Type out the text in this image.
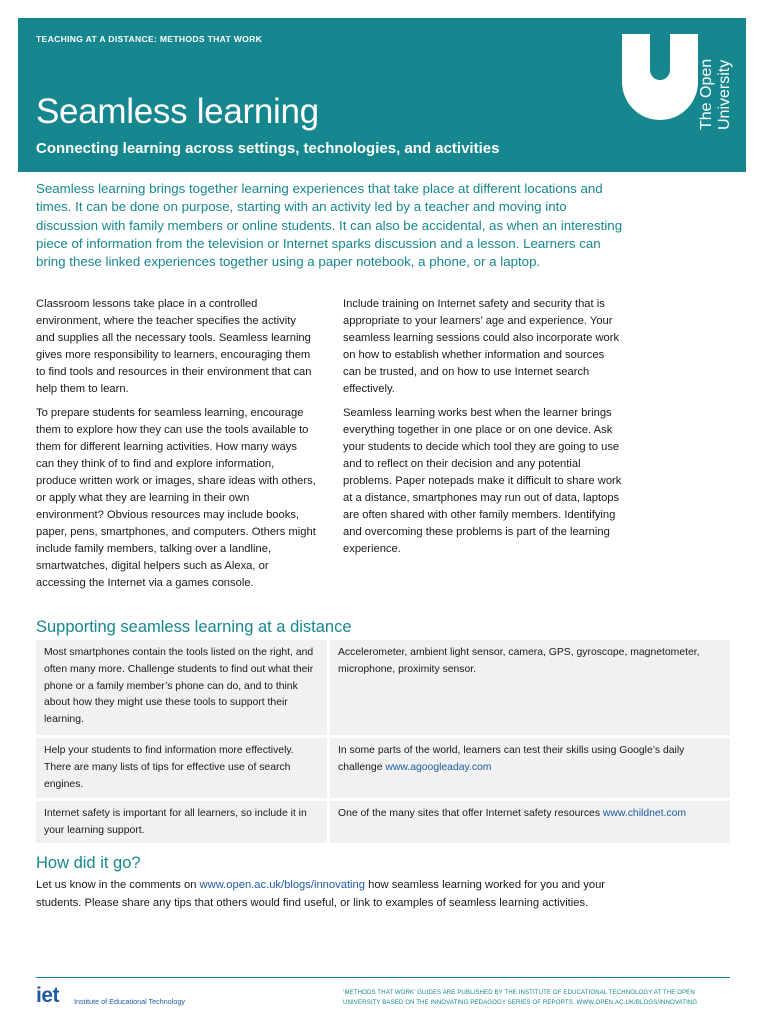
TEACHING AT A DISTANCE: METHODS THAT WORK
Seamless learning
Connecting learning across settings, technologies, and activities
The Open University

Seamless learning brings together learning experiences that take place at different locations and times. It can be done on purpose, starting with an activity led by a teacher and moving into discussion with family members or online students. It can also be accidental, as when an interesting piece of information from the television or Internet sparks discussion and a lesson. Learners can bring these linked experiences together using a paper notebook, a phone, or a laptop.

Classroom lessons take place in a controlled environment, where the teacher specifies the activity and supplies all the necessary tools. Seamless learning gives more responsibility to learners, encouraging them to find tools and resources in their environment that can help them to learn.

To prepare students for seamless learning, encourage them to explore how they can use the tools available to them for different learning activities. How many ways can they think of to find and explore information, produce written work or images, share ideas with others, or apply what they are learning in their own environment? Obvious resources may include books, paper, pens, smartphones, and computers. Others might include family members, talking over a landline, smartwatches, digital helpers such as Alexa, or accessing the Internet via a games console.

Include training on Internet safety and security that is appropriate to your learners’ age and experience. Your seamless learning sessions could also incorporate work on how to establish whether information and sources can be trusted, and on how to use Internet search effectively.

Seamless learning works best when the learner brings everything together in one place or on one device. Ask your students to decide which tool they are going to use and to reflect on their decision and any potential problems. Paper notepads make it difficult to share work at a distance, smartphones may run out of data, laptops are often shared with other family members. Identifying and overcoming these problems is part of the learning experience.

Supporting seamless learning at a distance
Most smartphones contain the tools listed on the right, and often many more. Challenge students to find out what their phone or a family member’s phone can do, and to think about how they might use these tools to support their learning.
Accelerometer, ambient light sensor, camera, GPS, gyroscope, magnetometer, microphone, proximity sensor.
Help your students to find information more effectively. There are many lists of tips for effective use of search engines.
In some parts of the world, learners can test their skills using Google’s daily challenge www.agoogleaday.com
Internet safety is important for all learners, so include it in your learning support.
One of the many sites that offer Internet safety resources www.childnet.com
How did it go?

Let us know in the comments on www.open.ac.uk/blogs/innovating how seamless learning worked for you and your students. Please share any tips that others would find useful, or link to examples of seamless learning activities.

iet Institute of Educational Technology
‘METHODS THAT WORK’ GUIDES ARE PUBLISHED BY THE INSTITUTE OF EDUCATIONAL TECHNOLOGY AT THE OPEN UNIVERSITY BASED ON THE INNOVATING PEDAGOGY SERIES OF REPORTS. WWW.OPEN.AC.UK/BLOGS/INNOVATING
